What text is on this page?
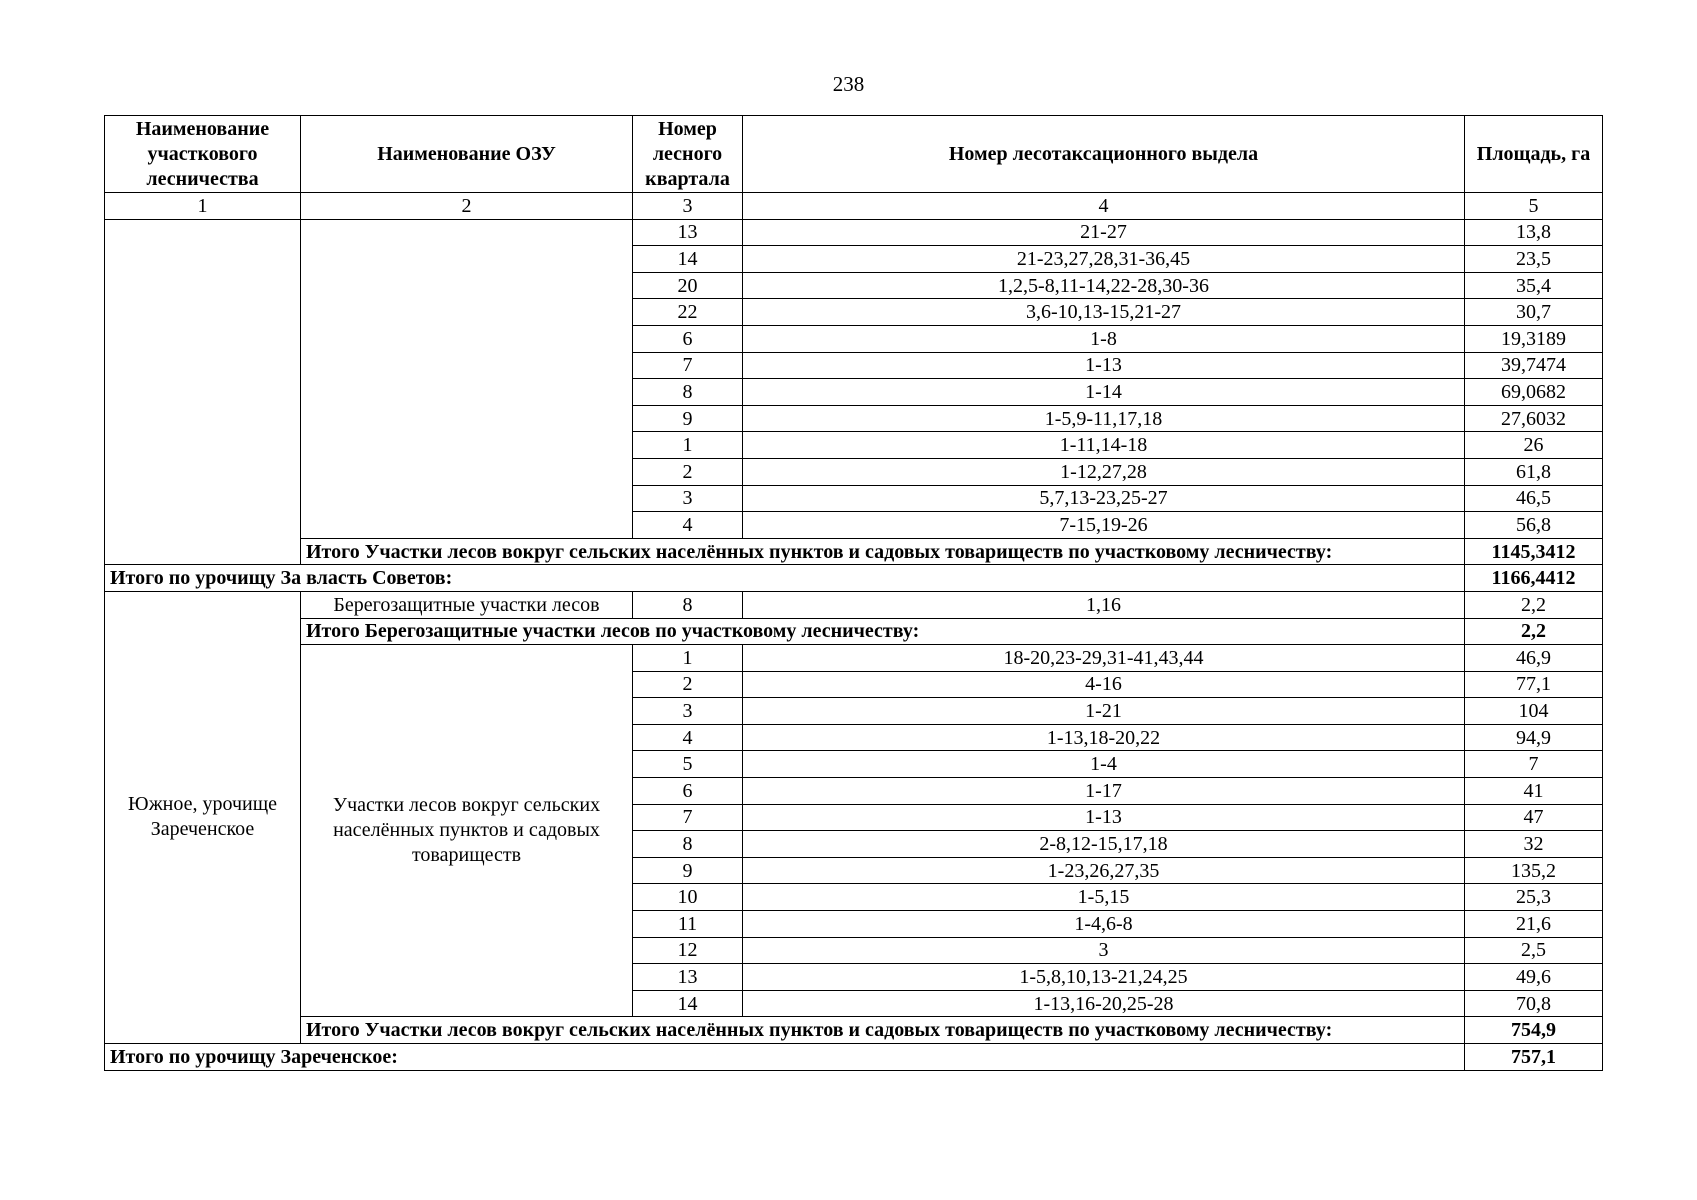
238
Наименование участкового лесничества	Наименование ОЗУ	Номер лесного квартала	Номер лесотаксационного выдела	Площадь, га
1	2	3	4	5
		13	21-27	13,8
		14	21-23,27,28,31-36,45	23,5
		20	1,2,5-8,11-14,22-28,30-36	35,4
		22	3,6-10,13-15,21-27	30,7
		6	1-8	19,3189
		7	1-13	39,7474
		8	1-14	69,0682
		9	1-5,9-11,17,18	27,6032
		1	1-11,14-18	26
		2	1-12,27,28	61,8
		3	5,7,13-23,25-27	46,5
		4	7-15,19-26	56,8
	Итого Участки лесов вокруг сельских населённых пунктов и садовых товариществ по участковому лесничеству:			1145,3412
Итого по урочищу За власть Советов:				1166,4412
Южное, урочище Зареченское	Берегозащитные участки лесов	8	1,16	2,2
	Итого Берегозащитные участки лесов по участковому лесничеству:			2,2
	Участки лесов вокруг сельских населённых пунктов и садовых товариществ	1	18-20,23-29,31-41,43,44	46,9
		2	4-16	77,1
		3	1-21	104
		4	1-13,18-20,22	94,9
		5	1-4	7
		6	1-17	41
		7	1-13	47
		8	2-8,12-15,17,18	32
		9	1-23,26,27,35	135,2
		10	1-5,15	25,3
		11	1-4,6-8	21,6
		12	3	2,5
		13	1-5,8,10,13-21,24,25	49,6
		14	1-13,16-20,25-28	70,8
	Итого Участки лесов вокруг сельских населённых пунктов и садовых товариществ по участковому лесничеству:			754,9
Итого по урочищу Зареченское:				757,1
